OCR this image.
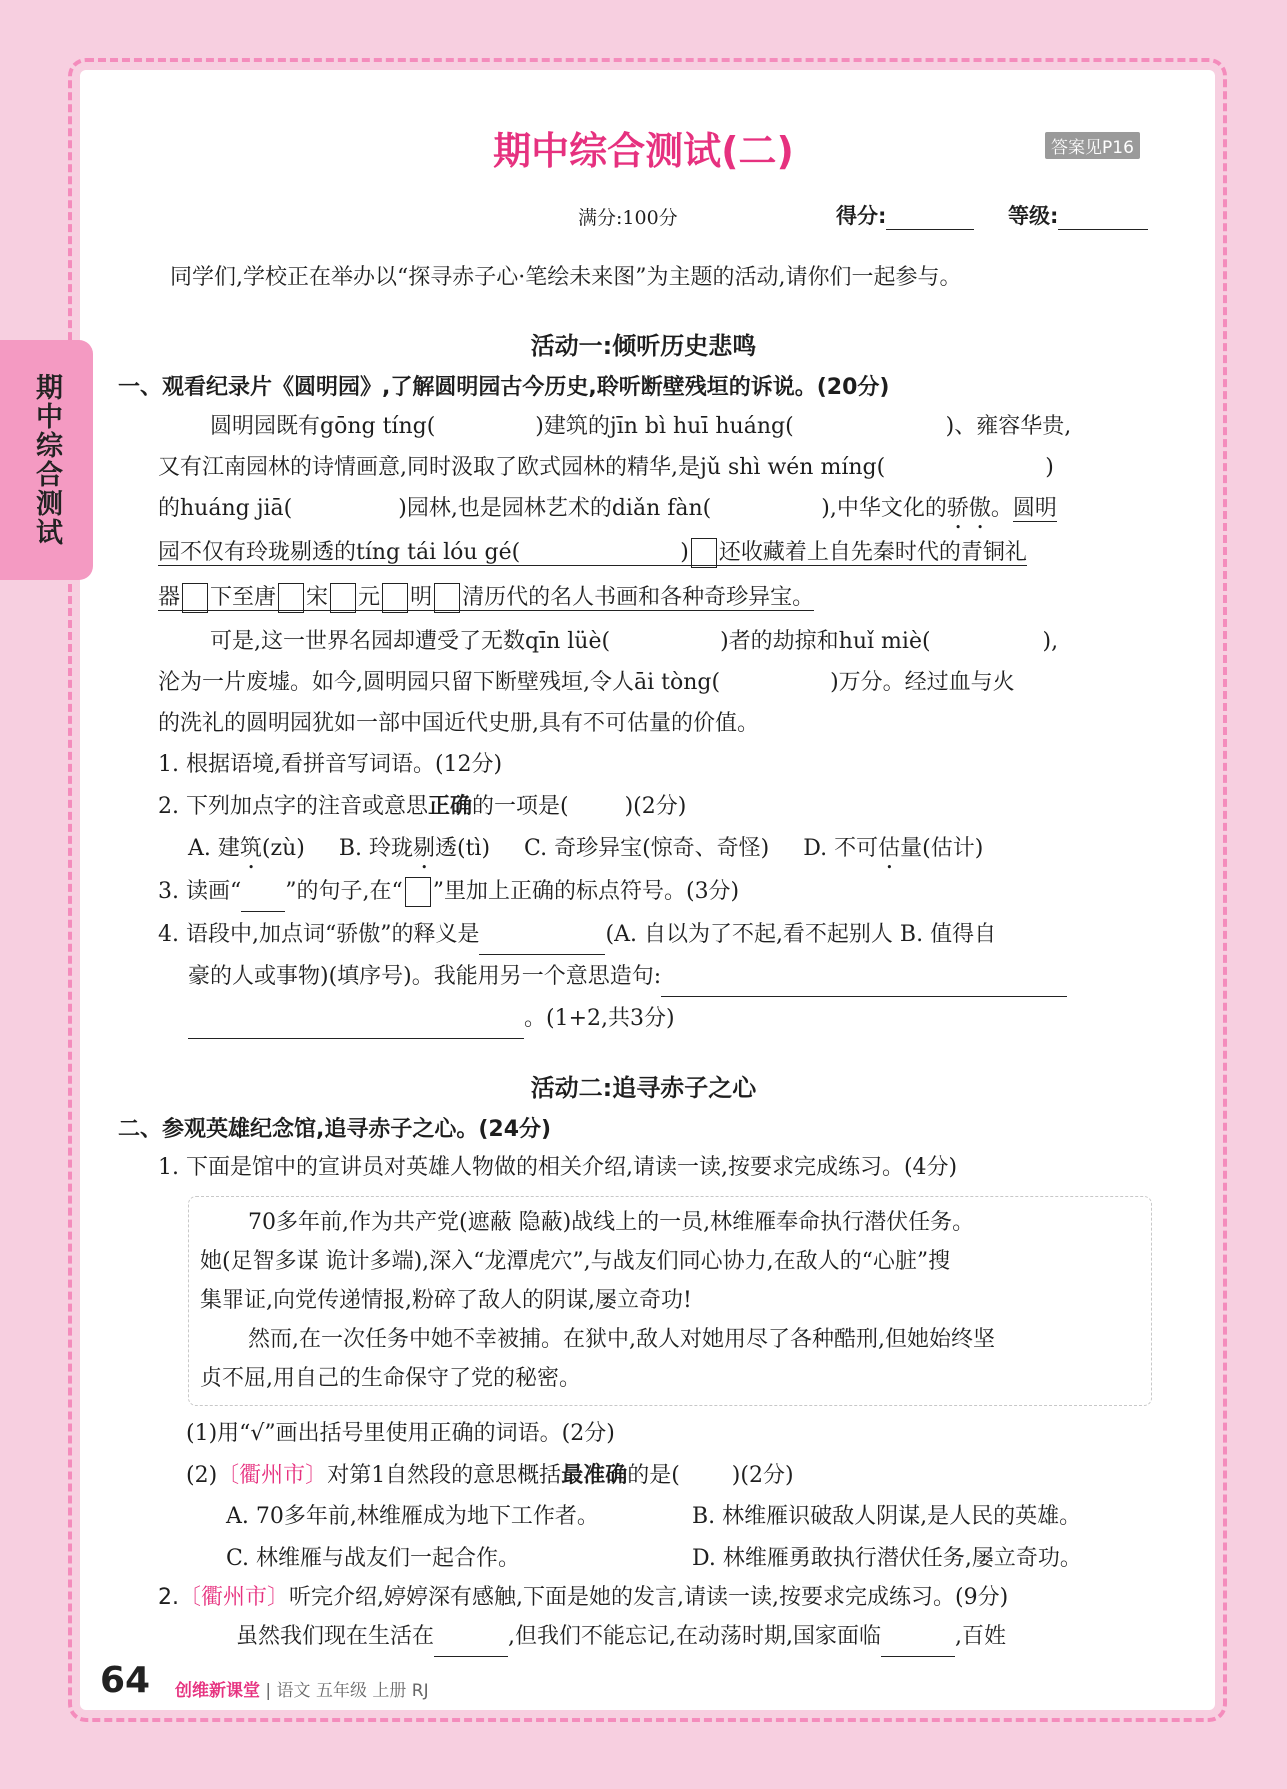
期中综合测试
期中综合测试(二)	答案见P16
满分:100分	得分:	等级:
同学们,学校正在举办以“探寻赤子心·笔绘未来图”为主题的活动,请你们一起参与。
活动一:倾听历史悲鸣
一、观看纪录片《圆明园》,了解圆明园古今历史,聆听断壁残垣的诉说。(20分)
圆明园既有gōng tíng(	)建筑的jīn bì huī huáng(	)、雍容华贵,
又有江南园林的诗情画意,同时汲取了欧式园林的精华,是jǔ shì wén míng(	)
的huáng jiā(	)园林,也是园林艺术的diǎn fàn(	),中华文化的骄傲。圆明
园不仅有玲珑剔透的tíng tái lóu gé(	) 还收藏着上自先秦时代的青铜礼
器 下至唐 宋 元 明 清历代的名人书画和各种奇珍异宝。
可是,这一世界名园却遭受了无数qīn lüè(	)者的劫掠和huǐ miè(	),
沦为一片废墟。如今,圆明园只留下断壁残垣,令人āi tòng(	)万分。经过血与火
的洗礼的圆明园犹如一部中国近代史册,具有不可估量的价值。
1. 根据语境,看拼音写词语。(12分)
2. 下列加点字的注音或意思正确的一项是(	)(2分)
A. 建筑(zù) B. 玲珑剔透(tì) C. 奇珍异宝(惊奇、奇怪) D. 不可估量(估计)
3. 读画“ ”的句子,在“ ”里加上正确的标点符号。(3分)
4. 语段中,加点词“骄傲”的释义是	(A. 自以为了不起,看不起别人 B. 值得自
豪的人或事物)(填序号)。我能用另一个意思造句:
。(1+2,共3分)
活动二:追寻赤子之心
二、参观英雄纪念馆,追寻赤子之心。(24分)
1. 下面是馆中的宣讲员对英雄人物做的相关介绍,请读一读,按要求完成练习。(4分)
70多年前,作为共产党(遮蔽 隐蔽)战线上的一员,林维雁奉命执行潜伏任务。
她(足智多谋 诡计多端),深入“龙潭虎穴”,与战友们同心协力,在敌人的“心脏”搜
集罪证,向党传递情报,粉碎了敌人的阴谋,屡立奇功!
然而,在一次任务中她不幸被捕。在狱中,敌人对她用尽了各种酷刑,但她始终坚
贞不屈,用自己的生命保守了党的秘密。
(1)用“√”画出括号里使用正确的词语。(2分)
(2)〔衢州市〕对第1自然段的意思概括最准确的是( )(2分)
A. 70多年前,林维雁成为地下工作者。	B. 林维雁识破敌人阴谋,是人民的英雄。
C. 林维雁与战友们一起合作。	D. 林维雁勇敢执行潜伏任务,屡立奇功。
2.〔衢州市〕听完介绍,婷婷深有感触,下面是她的发言,请读一读,按要求完成练习。(9分)
虽然我们现在生活在	,但我们不能忘记,在动荡时期,国家面临	,百姓
64 创维新课堂 | 语文 五年级 上册 RJ
